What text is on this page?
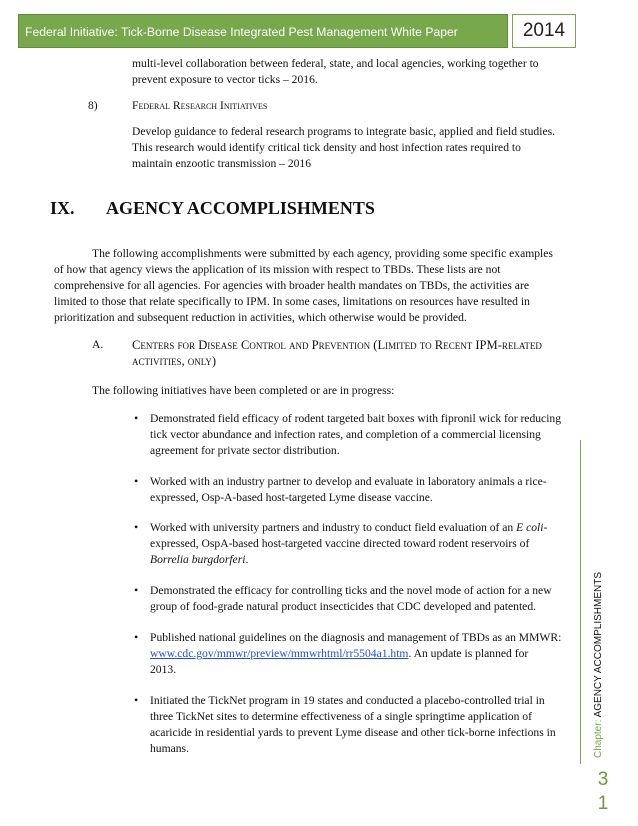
Federal Initiative: Tick-Borne Disease Integrated Pest Management White Paper	2014
multi-level collaboration between federal, state, and local agencies, working together to
prevent exposure to vector ticks – 2016.
8)	Federal Research Initiatives
Develop guidance to federal research programs to integrate basic, applied and field studies.
This research would identify critical tick density and host infection rates required to
maintain enzootic transmission – 2016
IX. AGENCY ACCOMPLISHMENTS
The following accomplishments were submitted by each agency, providing some specific examples
of how that agency views the application of its mission with respect to TBDs. These lists are not
comprehensive for all agencies. For agencies with broader health mandates on TBDs, the activities are
limited to those that relate specifically to IPM. In some cases, limitations on resources have resulted in
prioritization and subsequent reduction in activities, which otherwise would be provided.
A. Centers for Disease Control and Prevention (Limited to Recent IPM-related
activities, only)
The following initiatives have been completed or are in progress:
• Demonstrated field efficacy of rodent targeted bait boxes with fipronil wick for reducing
tick vector abundance and infection rates, and completion of a commercial licensing
agreement for private sector distribution.
• Worked with an industry partner to develop and evaluate in laboratory animals a rice-
expressed, Osp-A-based host-targeted Lyme disease vaccine.
• Worked with university partners and industry to conduct field evaluation of an E coli-
expressed, OspA-based host-targeted vaccine directed toward rodent reservoirs of
Borrelia burgdorferi.
• Demonstrated the efficacy for controlling ticks and the novel mode of action for a new
group of food-grade natural product insecticides that CDC developed and patented.
• Published national guidelines on the diagnosis and management of TBDs as an MMWR:
www.cdc.gov/mmwr/preview/mmwrhtml/rr5504a1.htm. An update is planned for
2013.
• Initiated the TickNet program in 19 states and conducted a placebo-controlled trial in
three TickNet sites to determine effectiveness of a single springtime application of
acaricide in residential yards to prevent Lyme disease and other tick-borne infections in
humans.	Chapter: AGENCY ACCOMPLISHMENTS
3
1
